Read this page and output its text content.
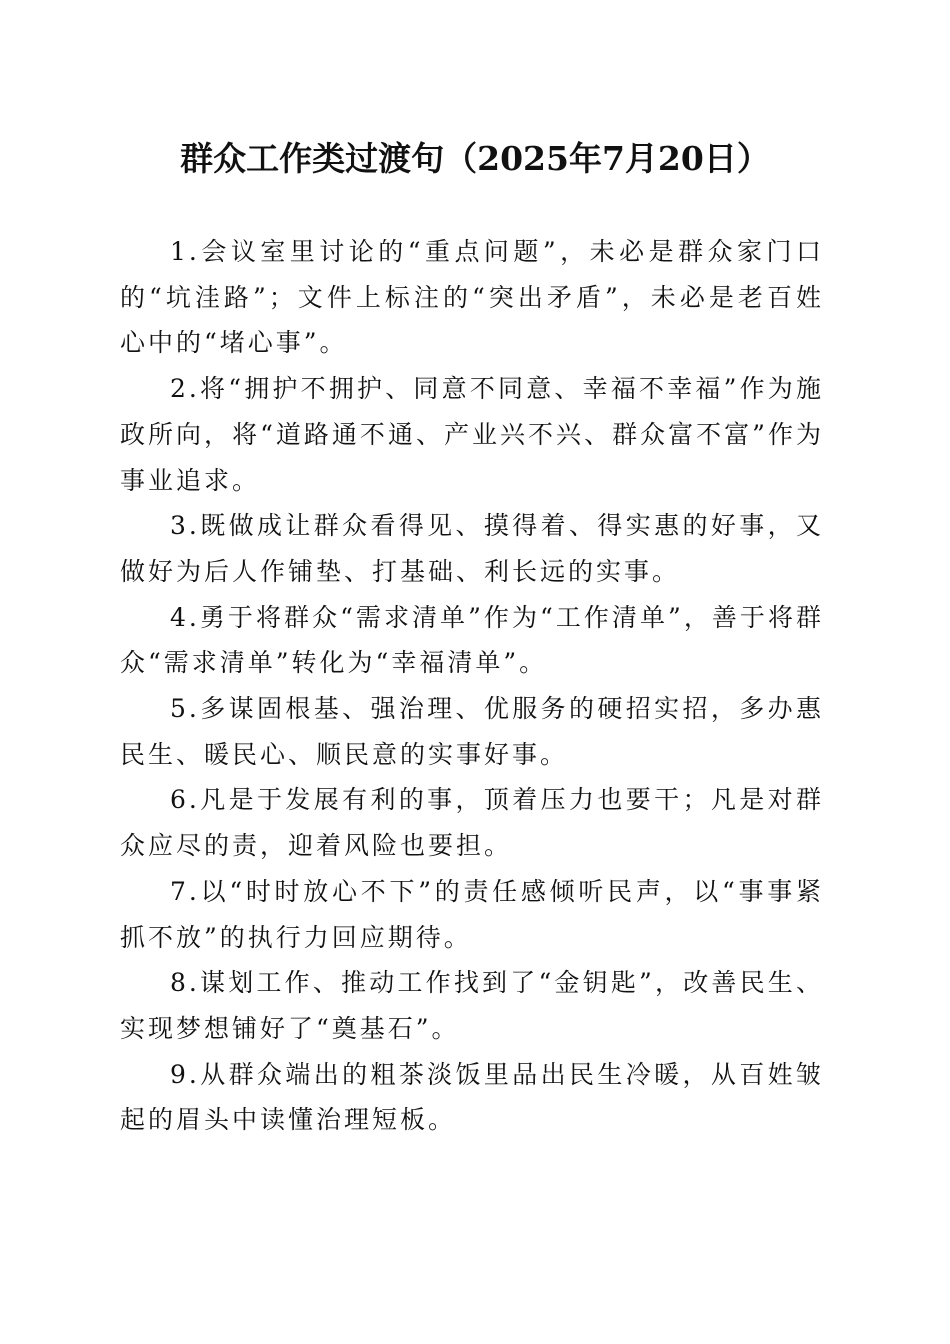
群众工作类过渡句（2025年7月20日）

1.会议室里讨论的“重点问题”，未必是群众家门口的“坑洼路”；文件上标注的“突出矛盾”，未必是老百姓心中的“堵心事”。

2.将“拥护不拥护、同意不同意、幸福不幸福”作为施政所向，将“道路通不通、产业兴不兴、群众富不富”作为事业追求。

3.既做成让群众看得见、摸得着、得实惠的好事，又做好为后人作铺垫、打基础、利长远的实事。

4.勇于将群众“需求清单”作为“工作清单”，善于将群众“需求清单”转化为“幸福清单”。

5.多谋固根基、强治理、优服务的硬招实招，多办惠民生、暖民心、顺民意的实事好事。

6.凡是于发展有利的事，顶着压力也要干；凡是对群众应尽的责，迎着风险也要担。

7.以“时时放心不下”的责任感倾听民声，以“事事紧抓不放”的执行力回应期待。

8.谋划工作、推动工作找到了“金钥匙”，改善民生、实现梦想铺好了“奠基石”。

9.从群众端出的粗茶淡饭里品出民生冷暖，从百姓皱起的眉头中读懂治理短板。
